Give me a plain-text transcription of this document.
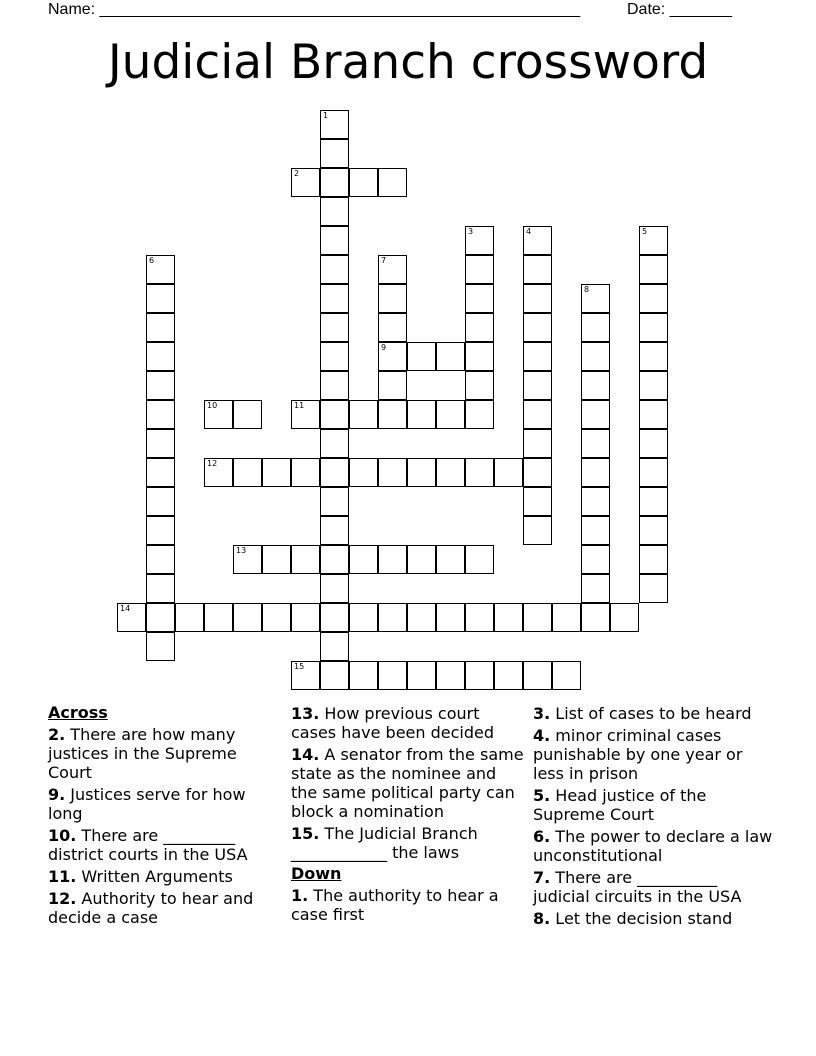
Name: ______________________________________________________	Date: _______
Judicial Branch crossword
1
2
3	4	5
6	7
9
8
10	11
12
13
14
15
Across
2. There are how many justices in the Supreme Court
9. Justices serve for how long
10. There are _________ district courts in the USA
11. Written Arguments
12. Authority to hear and decide a case
13. How previous court cases have been decided
14. A senator from the same state as the nominee and the same political party can block a nomination
15. The Judicial Branch ____________ the laws
Down
1. The authority to hear a case first
3. List of cases to be heard
4. minor criminal cases punishable by one year or less in prison
5. Head justice of the Supreme Court
6. The power to declare a law unconstitutional
7. There are __________ judicial circuits in the USA
8. Let the decision stand
